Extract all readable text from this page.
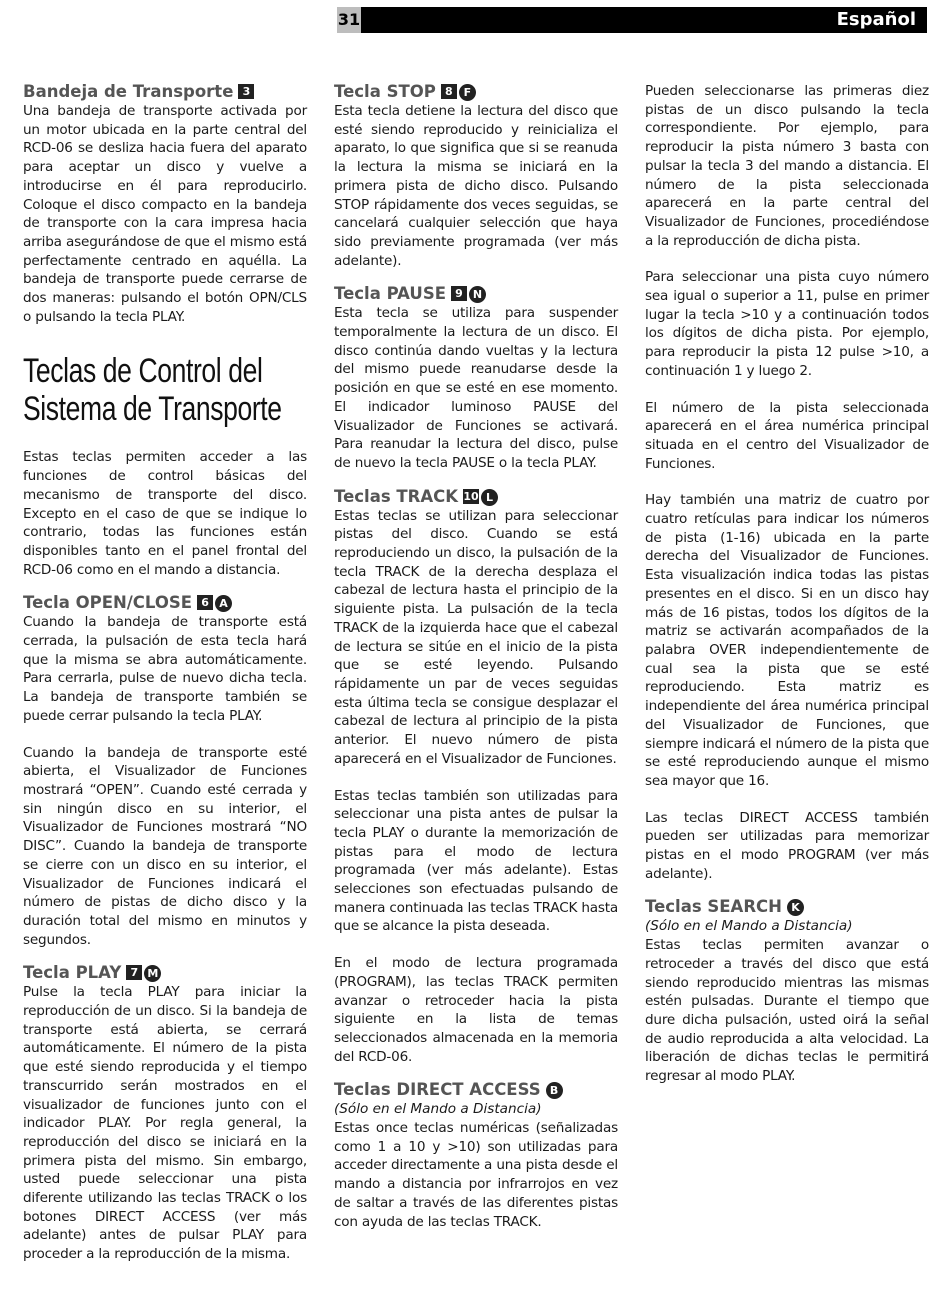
31	Español
Bandeja de Transporte 3

Una bandeja de transporte activada por un motor ubicada en la parte central del RCD-06 se desliza hacia fuera del aparato para aceptar un disco y vuelve a introducirse en él para reproducirlo. Coloque el disco compacto en la bandeja de transporte con la cara impresa hacia arriba asegurándose de que el mismo está perfectamente centrado en aquélla. La bandeja de transporte puede cerrarse de dos maneras: pulsando el botón OPN/CLS o pulsando la tecla PLAY.

Teclas de Control del
Sistema de Transporte

Estas teclas permiten acceder a las funciones de control básicas del mecanismo de transporte del disco. Excepto en el caso de que se indique lo contrario, todas las funciones están disponibles tanto en el panel frontal del RCD-06 como en el mando a distancia.

Tecla OPEN/CLOSE 6 A

Cuando la bandeja de transporte está cerrada, la pulsación de esta tecla hará que la misma se abra automáticamente. Para cerrarla, pulse de nuevo dicha tecla. La bandeja de transporte también se puede cerrar pulsando la tecla PLAY.

Cuando la bandeja de transporte esté abierta, el Visualizador de Funciones mostrará “OPEN”. Cuando esté cerrada y sin ningún disco en su interior, el Visualizador de Funciones mostrará “NO DISC”. Cuando la bandeja de transporte se cierre con un disco en su interior, el Visualizador de Funciones indicará el número de pistas de dicho disco y la duración total del mismo en minutos y segundos.

Tecla PLAY 7 M

Pulse la tecla PLAY para iniciar la reproducción de un disco. Si la bandeja de transporte está abierta, se cerrará automáticamente. El número de la pista que esté siendo reproducida y el tiempo transcurrido serán mostrados en el visualizador de funciones junto con el indicador PLAY. Por regla general, la reproducción del disco se iniciará en la primera pista del mismo. Sin embargo, usted puede seleccionar una pista diferente utilizando las teclas TRACK o los botones DIRECT ACCESS (ver más adelante) antes de pulsar PLAY para proceder a la reproducción de la misma.

Tecla STOP 8 F

Esta tecla detiene la lectura del disco que esté siendo reproducido y reinicializa el aparato, lo que significa que si se reanuda la lectura la misma se iniciará en la primera pista de dicho disco. Pulsando STOP rápidamente dos veces seguidas, se cancelará cualquier selección que haya sido previamente programada (ver más adelante).

Tecla PAUSE 9 N

Esta tecla se utiliza para suspender temporalmente la lectura de un disco. El disco continúa dando vueltas y la lectura del mismo puede reanudarse desde la posición en que se esté en ese momento. El indicador luminoso PAUSE del Visualizador de Funciones se activará. Para reanudar la lectura del disco, pulse de nuevo la tecla PAUSE o la tecla PLAY.

Teclas TRACK 10 L

Estas teclas se utilizan para seleccionar pistas del disco. Cuando se está reproduciendo un disco, la pulsación de la tecla TRACK de la derecha desplaza el cabezal de lectura hasta el principio de la siguiente pista. La pulsación de la tecla TRACK de la izquierda hace que el cabezal de lectura se sitúe en el inicio de la pista que se esté leyendo. Pulsando rápidamente un par de veces seguidas esta última tecla se consigue desplazar el cabezal de lectura al principio de la pista anterior. El nuevo número de pista aparecerá en el Visualizador de Funciones.

Estas teclas también son utilizadas para seleccionar una pista antes de pulsar la tecla PLAY o durante la memorización de pistas para el modo de lectura programada (ver más adelante). Estas selecciones son efectuadas pulsando de manera continuada las teclas TRACK hasta que se alcance la pista deseada.

En el modo de lectura programada (PROGRAM), las teclas TRACK permiten avanzar o retroceder hacia la pista siguiente en la lista de temas seleccionados almacenada en la memoria del RCD-06.

Teclas DIRECT ACCESS B

(Sólo en el Mando a Distancia)

Estas once teclas numéricas (señalizadas como 1 a 10 y >10) son utilizadas para acceder directamente a una pista desde el mando a distancia por infrarrojos en vez de saltar a través de las diferentes pistas con ayuda de las teclas TRACK.

Pueden seleccionarse las primeras diez pistas de un disco pulsando la tecla correspondiente. Por ejemplo, para reproducir la pista número 3 basta con pulsar la tecla 3 del mando a distancia. El número de la pista seleccionada aparecerá en la parte central del Visualizador de Funciones, procediéndose a la reproducción de dicha pista.

Para seleccionar una pista cuyo número sea igual o superior a 11, pulse en primer lugar la tecla >10 y a continuación todos los dígitos de dicha pista. Por ejemplo, para reproducir la pista 12 pulse >10, a continuación 1 y luego 2.

El número de la pista seleccionada aparecerá en el área numérica principal situada en el centro del Visualizador de Funciones.

Hay también una matriz de cuatro por cuatro retículas para indicar los números de pista (1-16) ubicada en la parte derecha del Visualizador de Funciones. Esta visualización indica todas las pistas presentes en el disco. Si en un disco hay más de 16 pistas, todos los dígitos de la matriz se activarán acompañados de la palabra OVER independientemente de cual sea la pista que se esté reproduciendo. Esta matriz es independiente del área numérica principal del Visualizador de Funciones, que siempre indicará el número de la pista que se esté reproduciendo aunque el mismo sea mayor que 16.

Las teclas DIRECT ACCESS también pueden ser utilizadas para memorizar pistas en el modo PROGRAM (ver más adelante).

Teclas SEARCH K

(Sólo en el Mando a Distancia)

Estas teclas permiten avanzar o retroceder a través del disco que está siendo reproducido mientras las mismas estén pulsadas. Durante el tiempo que dure dicha pulsación, usted oirá la señal de audio reproducida a alta velocidad. La liberación de dichas teclas le permitirá regresar al modo PLAY.
